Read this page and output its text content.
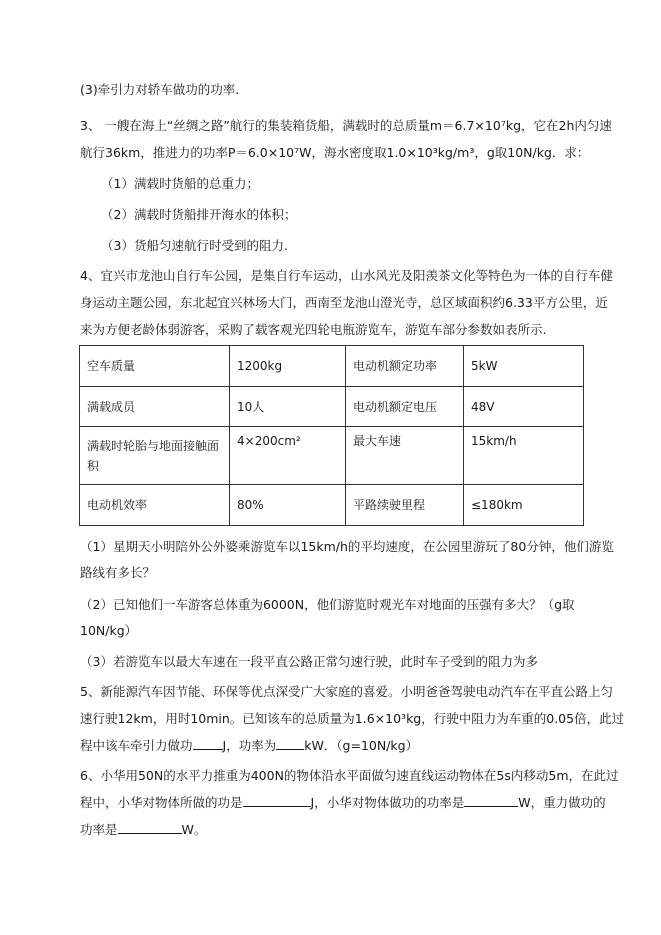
(3)牵引力对轿车做功的功率.
3、 一艘在海上“丝绸之路”航行的集装箱货船，满载时的总质量m＝6.7×10⁷kg，它在2h内匀速
航行36km，推进力的功率P＝6.0×10⁷W，海水密度取1.0×10³kg/m³，g取10N/kg．求：
（1）满载时货船的总重力；
（2）满载时货船排开海水的体积；
（3）货船匀速航行时受到的阻力.
4、宜兴市龙池山自行车公园，是集自行车运动，山水风光及阳羡茶文化等特色为一体的自行车健
身运动主题公园，东北起宜兴林场大门，西南至龙池山澄光寺，总区域面积约6.33平方公里，近
来为方便老龄体弱游客，采购了载客观光四轮电瓶游览车，游览车部分参数如表所示.
空车质量	1200kg	电动机额定功率	5kW
满载成员	10人	电动机额定电压	48V
满载时轮胎与地面接触面积	4×200cm²	最大车速	15km/h
电动机效率	80%	平路续驶里程	≤180km
（1）星期天小明陪外公外婆乘游览车以15km/h的平均速度，在公园里游玩了80分钟，他们游览
路线有多长？
（2）已知他们一车游客总体重为6000N，他们游览时观光车对地面的压强有多大？（g取
10N/kg）
（3）若游览车以最大车速在一段平直公路正常匀速行驶，此时车子受到的阻力为多
5、新能源汽车因节能、环保等优点深受广大家庭的喜爱。小明爸爸驾驶电动汽车在平直公路上匀
速行驶12km，用时10min。已知该车的总质量为1.6×10³kg，行驶中阻力为车重的0.05倍，此过
程中该车牵引力做功 J，功率为 kW．（g=10N/kg）
6、小华用50N的水平力推重为400N的物体沿水平面做匀速直线运动物体在5s内移动5m，在此过
程中，小华对物体所做的功是	J，小华对物体做功的功率是	W，重力做功的
功率是	W。
